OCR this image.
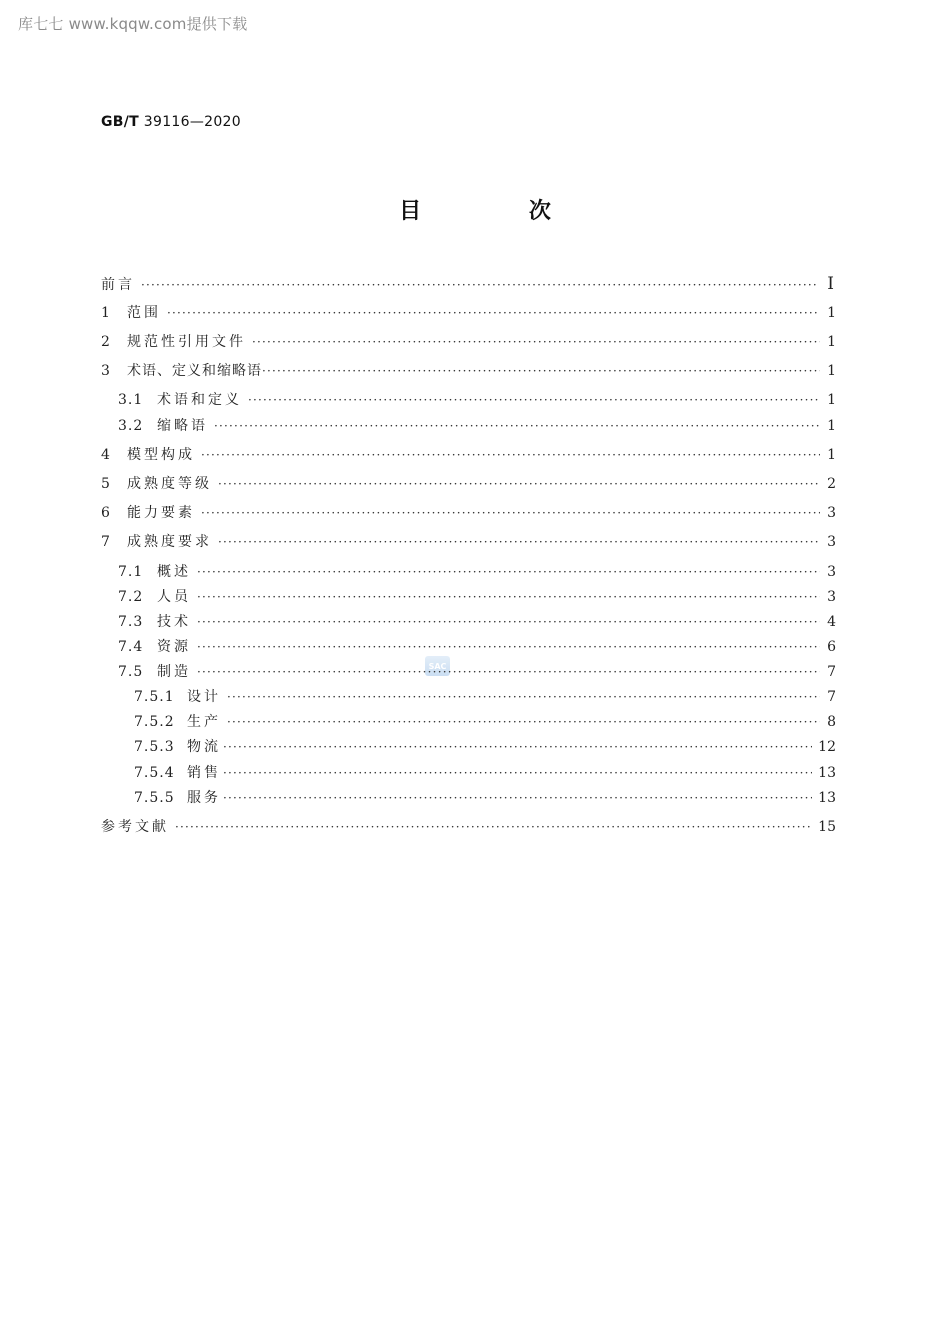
库七七 www.kqqw.com提供下载
GB/T 39116—2020
目 次
SAC
前言 ·····	Ⅰ
1	范围 ·····	1
2	规范性引用文件 ·····	1
3	术语、定义和缩略语 ·····	1
3.1 术语和定义 ·····	1
3.2 缩略语 ·····	1
4	模型构成 ·····	1
5	成熟度等级 ·····	2
6	能力要素 ·····	3
7	成熟度要求 ·····	3
7.1 概述 ·····	3
7.2 人员 ·····	3
7.3 技术 ·····	4
7.4 资源 ·····	6
7.5 制造 ·····	7
7.5.1 设计 ·····	7
7.5.2 生产 ·····	8
7.5.3 物流 ·····	12
7.5.4 销售 ·····	13
7.5.5 服务 ·····	13
参考文献 ·····	15
